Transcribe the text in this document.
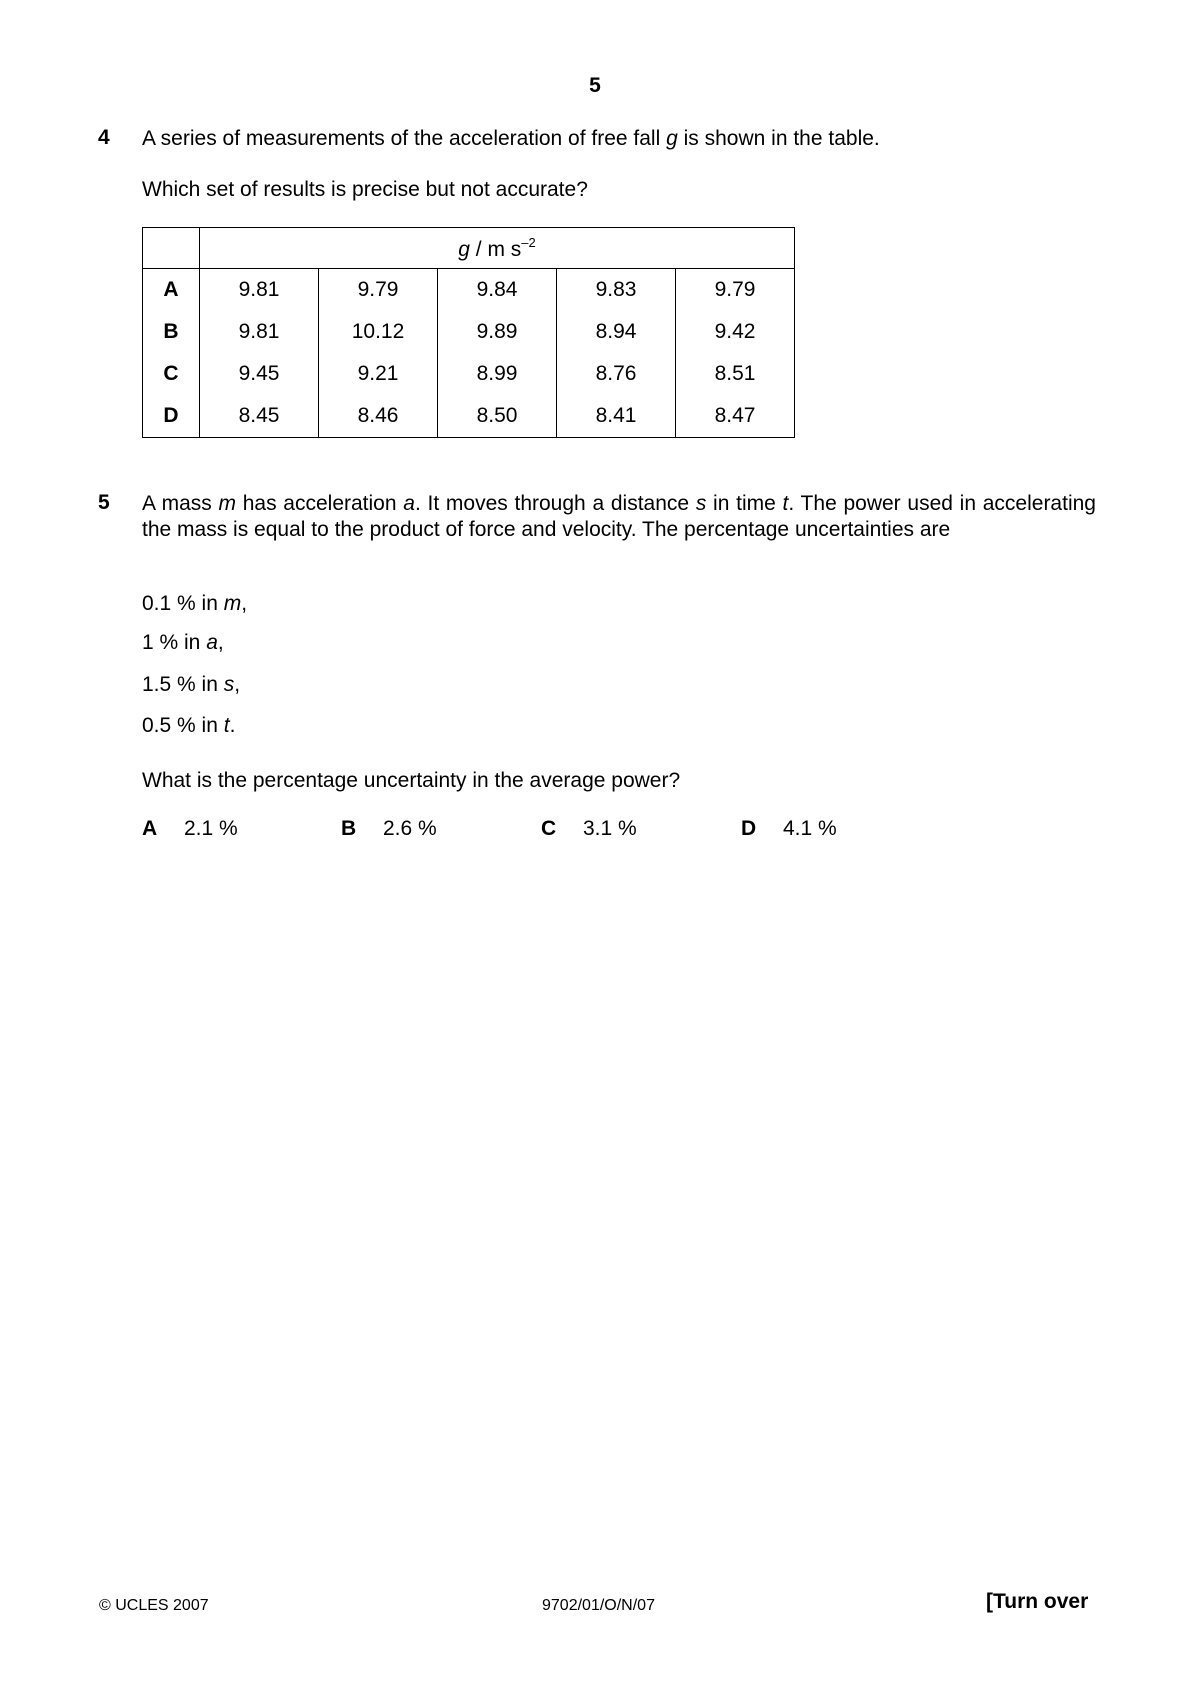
5
4 A series of measurements of the acceleration of free fall g is shown in the table.
Which set of results is precise but not accurate?
	g / m $s^{-2}$
A	9.81	9.79	9.84	9.83	9.79
B	9.81	10.12	9.89	8.94	9.42
C	9.45	9.21	8.99	8.76	8.51
D	8.45	8.46	8.50	8.41	8.47
5 A mass m has acceleration a. It moves through a distance s in time t. The power used in accelerating the mass is equal to the product of force and velocity. The percentage uncertainties are
0.1 % in m,
1 % in a,
1.5 % in s,
0.5 % in t.
What is the percentage uncertainty in the average power?
A 2.1 %	B 2.6 %	C 3.1 %	D 4.1 %
© UCLES 2007	9702/01/O/N/07	[Turn over
